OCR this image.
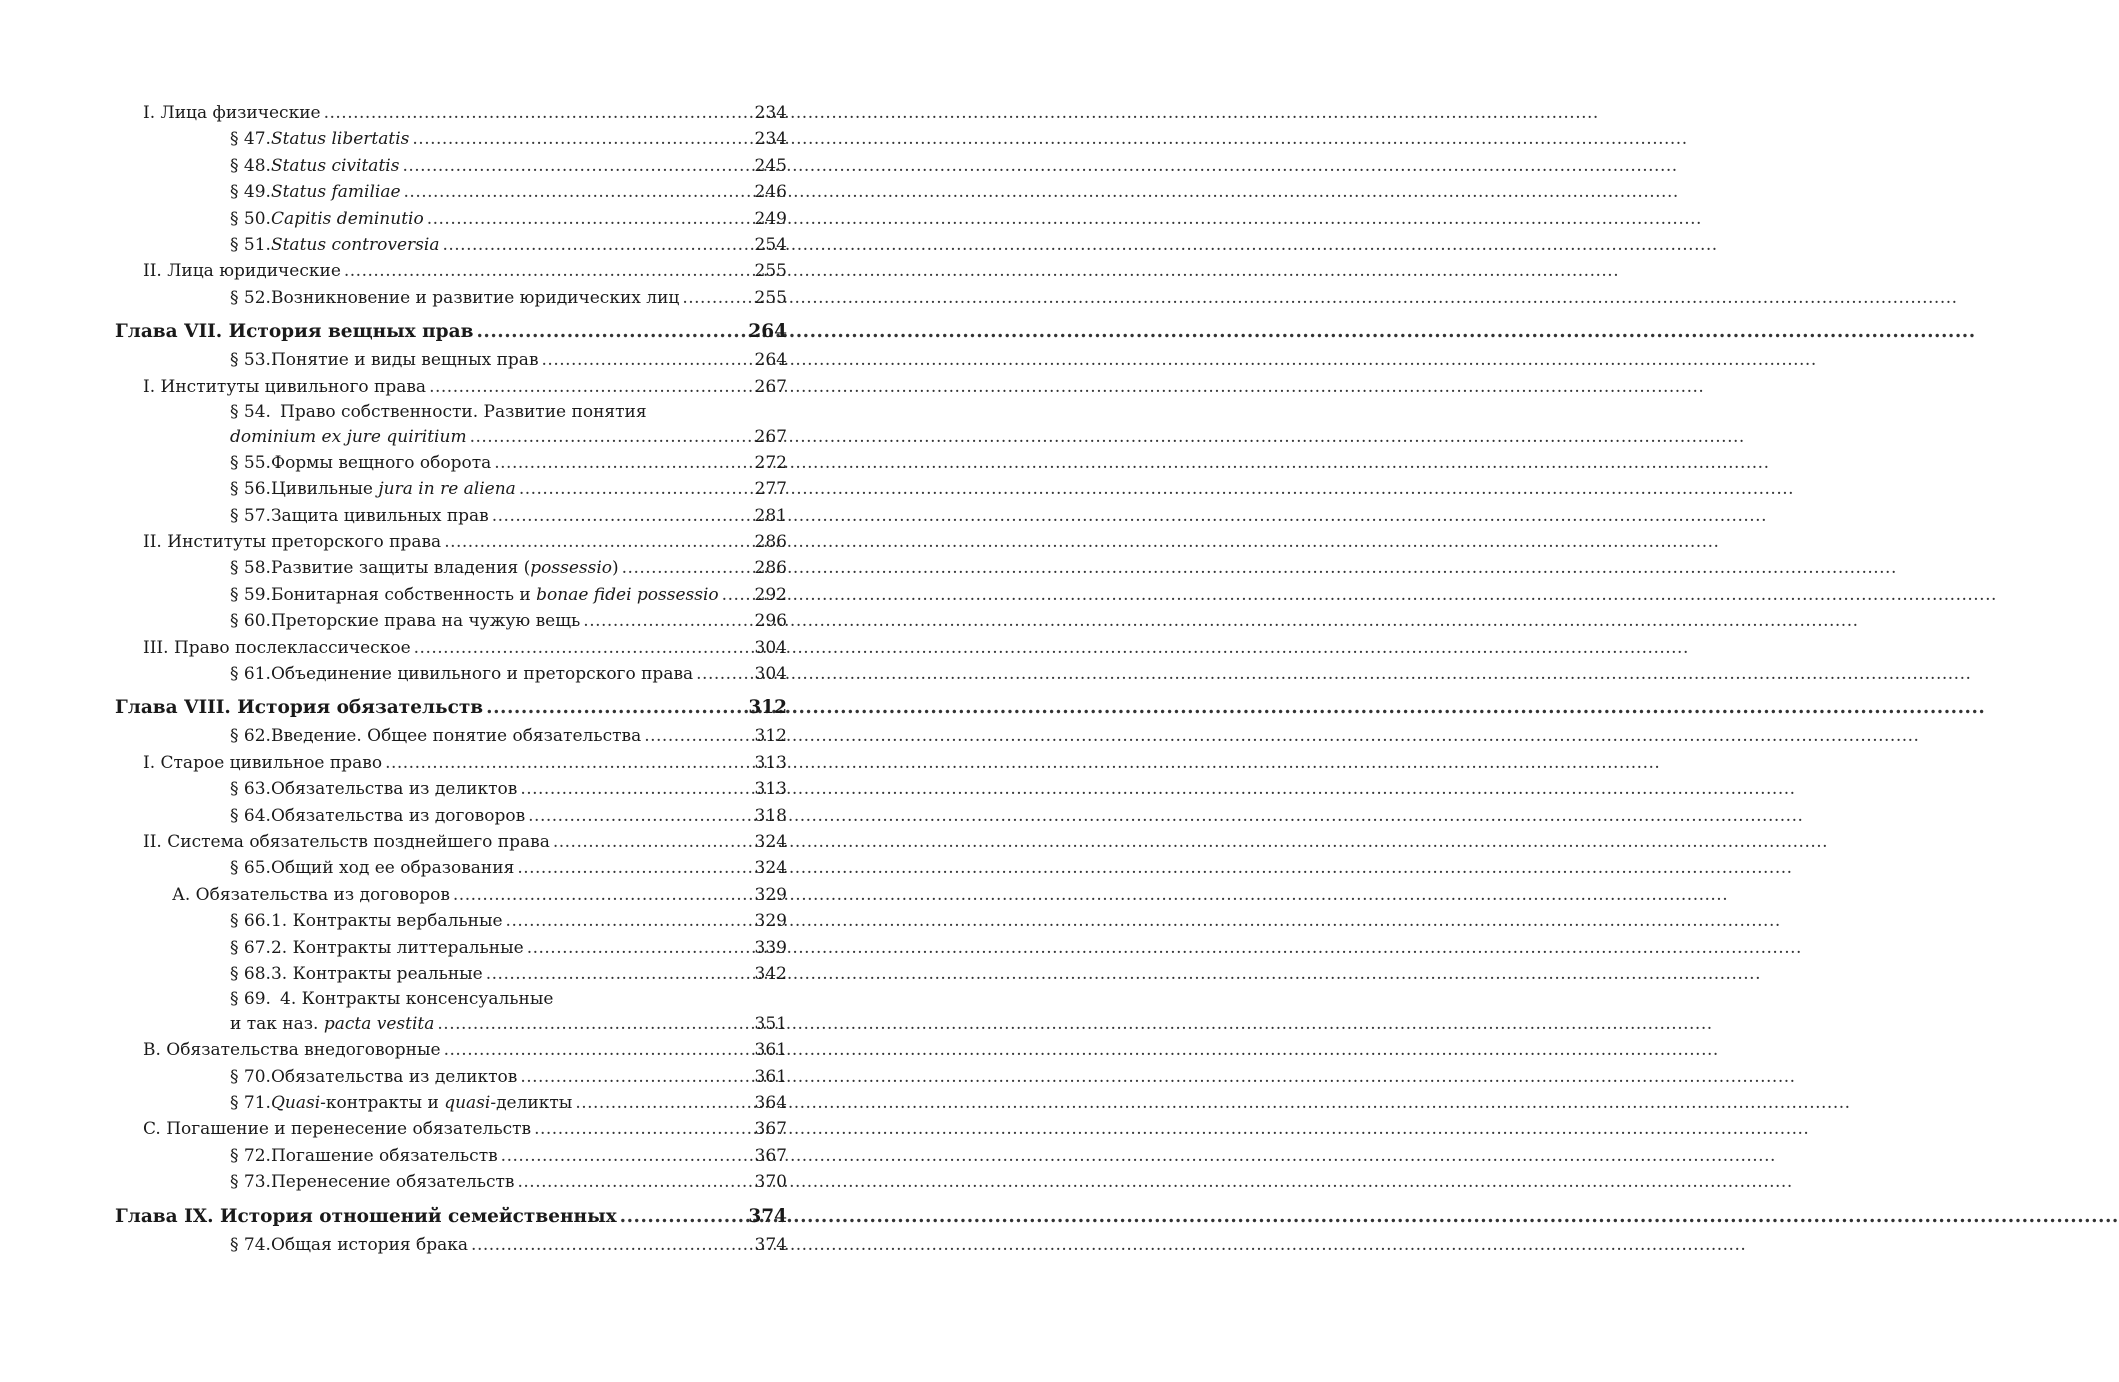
I. Лица физические .....	234
§ 47. Status libertatis .....	234
§ 48. Status civitatis .....	245
§ 49. Status familiae .....	246
§ 50. Capitis deminutio .....	249
§ 51. Status controversia .....	254
II. Лица юридические .....	255
§ 52. Возникновение и развитие юридических лиц .....	255
Глава VII. История вещных прав .....	264
§ 53. Понятие и виды вещных прав .....	264
I. Институты цивильного права .....	267
§ 54. Право собственности. Развитие понятия
dominium ex jure quiritium .....	267
§ 55. Формы вещного оборота .....	272
§ 56. Цивильные jura in re aliena .....	277
§ 57. Защита цивильных прав .....	281
II. Институты преторского права .....	286
§ 58. Развитие защиты владения (possessio) .....	286
§ 59. Бонитарная собственность и bonae fidei possessio ..... 292
§ 60. Преторские права на чужую вещь .....	296
III. Право послеклассическое .....	304
§ 61. Объединение цивильного и преторского права .....	304
Глава VIII. История обязательств .....	312
§ 62. Введение. Общее понятие обязательства .....	312
I. Старое цивильное право .....	313
§ 63. Обязательства из деликтов .....	313
§ 64. Обязательства из договоров .....	318
II. Система обязательств позднейшего права .....	324
§ 65. Общий ход ее образования .....	324
А. Обязательства из договоров .....	329
§ 66. 1. Контракты вербальные .....	329
§ 67. 2. Контракты литтеральные .....	339
§ 68. 3. Контракты реальные .....	342
§ 69. 4. Контракты консенсуальные
и так наз. pacta vestita .....	351
B. Обязательства внедоговорные .....	361
§ 70. Обязательства из деликтов .....	361
§ 71. Quasi-контракты и quasi-деликты .....	364
C. Погашение и перенесение обязательств .....	367
§ 72. Погашение обязательств .....	367
§ 73. Перенесение обязательств .....	370
Глава IX. История отношений семейственных .....	374
§ 74. Общая история брака .....	374
